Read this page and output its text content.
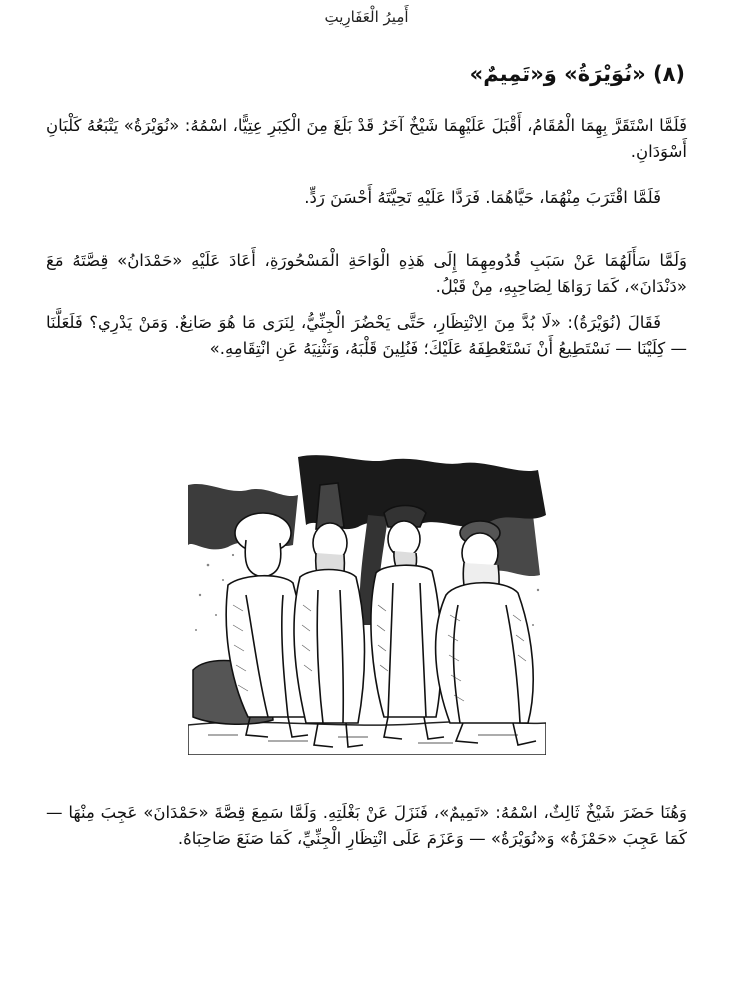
أَمِيرُ الْعَفَارِيتِ
(٨) «نُوَيْرَةُ» وَ«تَمِيمٌ»

فَلَمَّا اسْتَقَرَّ بِهِمَا الْمُقَامُ، أَقْبَلَ عَلَيْهِمَا شَيْخٌ آخَرُ قَدْ بَلَغَ مِنَ الْكِبَرِ عِتِيًّا، اسْمُهُ: «نُوَيْرَةُ» يَتْبَعُهُ كَلْبَانِ أَسْوَدَانِ.

فَلَمَّا اقْتَرَبَ مِنْهُمَا، حَيَّاهُمَا. فَرَدَّا عَلَيْهِ تَحِيَّتَهُ أَحْسَنَ رَدٍّ.

وَلَمَّا سَأَلَهُمَا عَنْ سَبَبِ قُدُومِهِمَا إِلَى هَذِهِ الْوَاحَةِ الْمَسْحُورَةِ، أَعَادَ عَلَيْهِ «حَمْدَانُ» قِصَّتَهُ مَعَ «دَنْدَانَ»، كَمَا رَوَاهَا لِصَاحِبِهِ، مِنْ قَبْلُ.

فَقَالَ (نُوَيْرَةُ): «لَا بُدَّ مِنَ الِانْتِظَارِ، حَتَّى يَحْضُرَ الْجِنِّيُّ، لِنَرَى مَا هُوَ صَانِعٌ. وَمَنْ يَدْرِي؟ فَلَعَلَّنَا — كِلَيْنَا — نَسْتَطِيعُ أَنْ نَسْتَعْطِفَهُ عَلَيْكَ؛ فَنُلِينَ قَلْبَهُ، وَنَثْنِيَهُ عَنِ انْتِقَامِهِ.»

وَهُنَا حَضَرَ شَيْخٌ ثَالِثٌ، اسْمُهُ: «تَمِيمٌ»، فَنَزَلَ عَنْ بَغْلَتِهِ. وَلَمَّا سَمِعَ قِصَّةَ «حَمْدَانَ» عَجِبَ مِنْهَا — كَمَا عَجِبَ «حَمْزَةُ» وَ«نُوَيْرَةُ» — وَعَزَمَ عَلَى انْتِظَارِ الْجِنِّيِّ، كَمَا صَنَعَ صَاحِبَاهُ.
